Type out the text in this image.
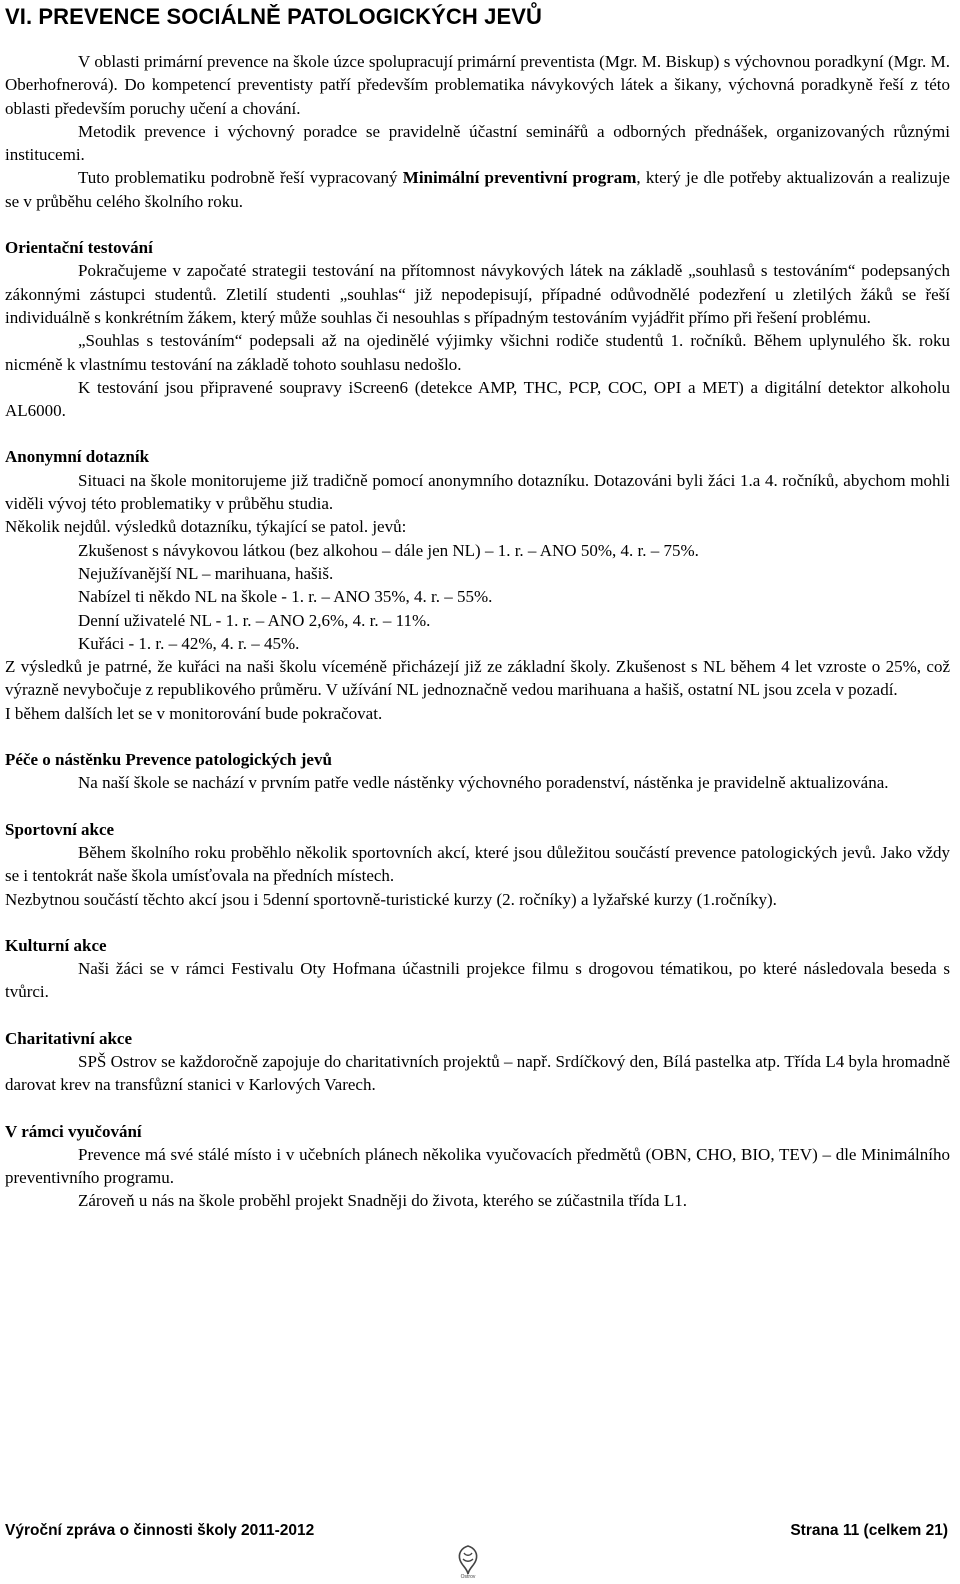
VI. PREVENCE SOCIÁLNĚ PATOLOGICKÝCH JEVŮ

V oblasti primární prevence na škole úzce spolupracují primární preventista (Mgr. M. Biskup) s výchovnou poradkyní (Mgr. M. Oberhofnerová). Do kompetencí preventisty patří především problematika návykových látek a šikany, výchovná poradkyně řeší z této oblasti především poruchy učení a chování.

Metodik prevence i výchovný poradce se pravidelně účastní seminářů a odborných přednášek, organizovaných různými institucemi.

Tuto problematiku podrobně řeší vypracovaný Minimální preventivní program, který je dle potřeby aktualizován a realizuje se v průběhu celého školního roku.

Orientační testování

Pokračujeme v započaté strategii testování na přítomnost návykových látek na základě „souhlasů s testováním“ podepsaných zákonnými zástupci studentů. Zletilí studenti „souhlas“ již nepodepisují, případné odůvodnělé podezření u zletilých žáků se řeší individuálně s konkrétním žákem, který může souhlas či nesouhlas s případným testováním vyjádřit přímo při řešení problému.

„Souhlas s testováním“ podepsali až na ojedinělé výjimky všichni rodiče studentů 1. ročníků. Během uplynulého šk. roku nicméně k vlastnímu testování na základě tohoto souhlasu nedošlo.

K testování jsou připravené soupravy iScreen6 (detekce AMP, THC, PCP, COC, OPI a MET) a digitální detektor alkoholu AL6000.

Anonymní dotazník

Situaci na škole monitorujeme již tradičně pomocí anonymního dotazníku. Dotazováni byli žáci 1.a 4. ročníků, abychom mohli viděli vývoj této problematiky v průběhu studia.

Několik nejdůl. výsledků dotazníku, týkající se patol. jevů:

Zkušenost s návykovou látkou (bez alkohou – dále jen NL) – 1. r. – ANO 50%, 4. r. – 75%.

Nejužívanější NL – marihuana, hašiš.

Nabízel ti někdo NL na škole - 1. r. – ANO 35%, 4. r. – 55%.

Denní uživatelé NL - 1. r. – ANO 2,6%, 4. r. – 11%.

Kuřáci - 1. r. – 42%, 4. r. – 45%.

Z výsledků je patrné, že kuřáci na naši školu víceméně přicházejí již ze základní školy. Zkušenost s NL během 4 let vzroste o 25%, což výrazně nevybočuje z republikového průměru. V užívání NL jednoznačně vedou marihuana a hašiš, ostatní NL jsou zcela v pozadí.

I během dalších let se v monitorování bude pokračovat.

Péče o nástěnku Prevence patologických jevů

Na naší škole se nachází v prvním patře vedle nástěnky výchovného poradenství, nástěnka je pravidelně aktualizována.

Sportovní akce

Během školního roku proběhlo několik sportovních akcí, které jsou důležitou součástí prevence patologických jevů. Jako vždy se i tentokrát naše škola umísťovala na předních místech.

Nezbytnou součástí těchto akcí jsou i 5denní sportovně-turistické kurzy (2. ročníky) a lyžařské kurzy (1.ročníky).

Kulturní akce

Naši žáci se v rámci Festivalu Oty Hofmana účastnili projekce filmu s drogovou tématikou, po které následovala beseda s tvůrci.

Charitativní akce

SPŠ Ostrov se každoročně zapojuje do charitativních projektů – např. Srdíčkový den, Bílá pastelka atp. Třída L4 byla hromadně darovat krev na transfůzní stanici v Karlových Varech.

V rámci vyučování

Prevence má své stálé místo i v učebních plánech několika vyučovacích předmětů (OBN, CHO, BIO, TEV) – dle Minimálního preventivního programu.

Zároveň u nás na škole proběhl projekt Snadněji do života, kterého se zúčastnila třída L1.

Výroční zpráva o činnosti školy 2011-2012	Strana 11 (celkem 21)
Ostrov
